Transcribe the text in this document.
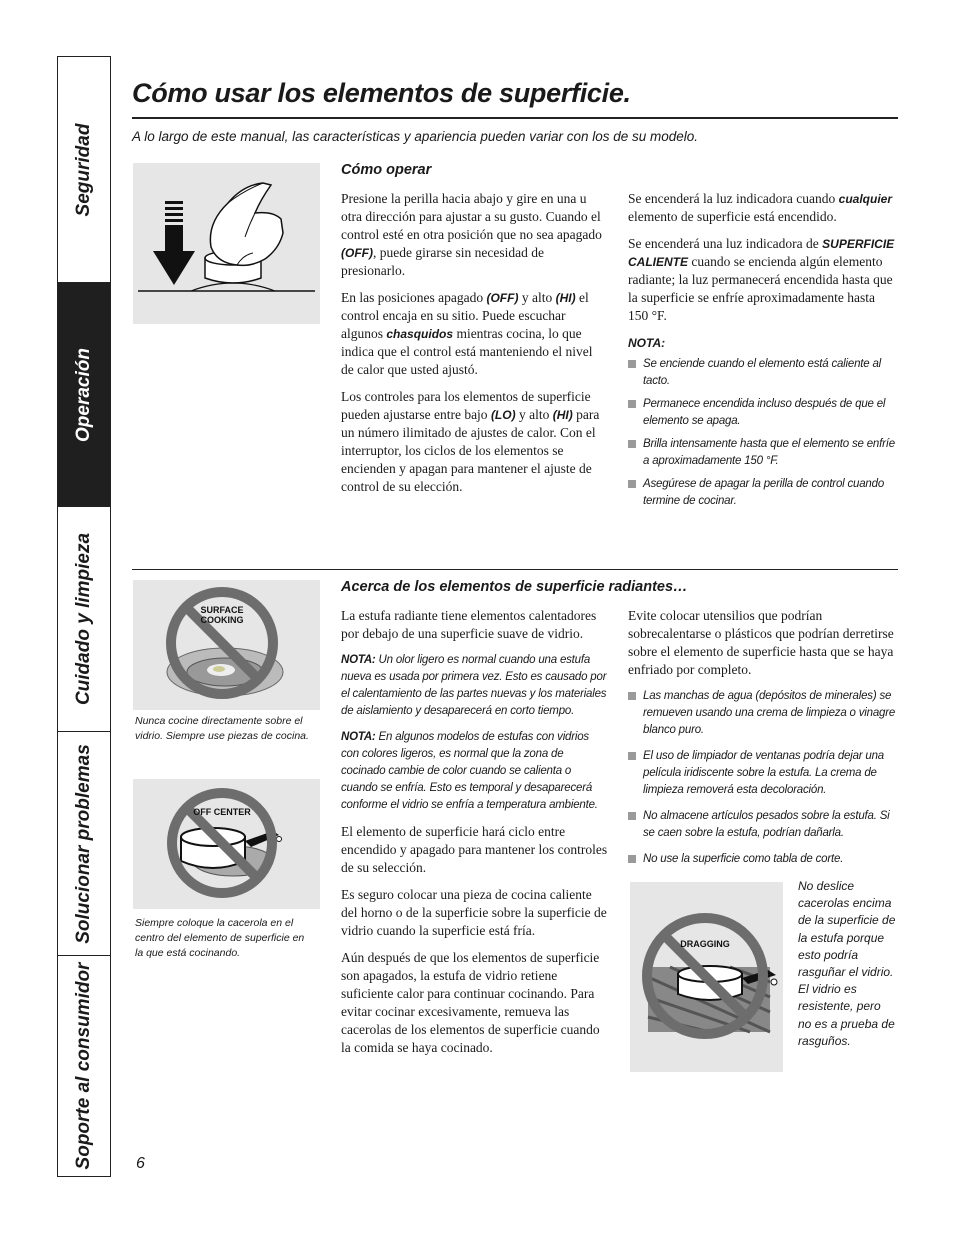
Seguridad
Operación
Cuidado y limpieza
Solucionar problemas
Soporte al consumidor
Cómo usar los elementos de superficie.
A lo largo de este manual, las características y apariencia pueden variar con los de su modelo.
Cómo operar

Presione la perilla hacia abajo y gire en una u otra dirección para ajustar a su gusto. Cuando el control esté en otra posición que no sea apagado (OFF), puede girarse sin necesidad de presionarlo.

En las posiciones apagado (OFF) y alto (HI) el control encaja en su sitio. Puede escuchar algunos chasquidos mientras cocina, lo que indica que el control está manteniendo el nivel de calor que usted ajustó.

Los controles para los elementos de superficie pueden ajustarse entre bajo (LO) y alto (HI) para un número ilimitado de ajustes de calor. Con el interruptor, los ciclos de los elementos se encienden y apagan para mantener el ajuste de control de su elección.

Se encenderá la luz indicadora cuando cualquier elemento de superficie está encendido.

Se encenderá una luz indicadora de SUPERFICIE CALIENTE cuando se encienda algún elemento radiante; la luz permanecerá encendida hasta que la superficie se enfríe aproximadamente hasta 150 °F.

NOTA:
Se enciende cuando el elemento está caliente al tacto.
Permanece encendida incluso después de que el elemento se apaga.
Brilla intensamente hasta que el elemento se enfríe a aproximadamente 150 °F.
Asegúrese de apagar la perilla de control cuando termine de cocinar.
Acerca de los elementos de superficie radiantes…
SURFACE
COOKING
Nunca cocine directamente sobre el vidrio. Siempre use piezas de cocina.
OFF CENTER
Siempre coloque la cacerola en el centro del elemento de superficie en la que está cocinando.

La estufa radiante tiene elementos calentadores por debajo de una superficie suave de vidrio.

NOTA: Un olor ligero es normal cuando una estufa nueva es usada por primera vez. Esto es causado por el calentamiento de las partes nuevas y los materiales de aislamiento y desaparecerá en corto tiempo.

NOTA: En algunos modelos de estufas con vidrios con colores ligeros, es normal que la zona de cocinado cambie de color cuando se calienta o cuando se enfría. Esto es temporal y desaparecerá conforme el vidrio se enfría a temperatura ambiente.

El elemento de superficie hará ciclo entre encendido y apagado para mantener los controles de su selección.

Es seguro colocar una pieza de cocina caliente del horno o de la superficie sobre la superficie de vidrio cuando la superficie está fría.

Aún después de que los elementos de superficie son apagados, la estufa de vidrio retiene suficiente calor para continuar cocinando. Para evitar cocinar excesivamente, remueva las cacerolas de los elementos de superficie cuando la comida se haya cocinado.

Evite colocar utensilios que podrían sobrecalentarse o plásticos que podrían derretirse sobre el elemento de superficie hasta que se haya enfriado por completo.

Las manchas de agua (depósitos de minerales) se remueven usando una crema de limpieza o vinagre blanco puro.
El uso de limpiador de ventanas podría dejar una película iridiscente sobre la estufa. La crema de limpieza removerá esta decoloración.
No almacene artículos pesados sobre la estufa. Si se caen sobre la estufa, podrían dañarla.
No use la superficie como tabla de corte.
DRAGGING
No deslice cacerolas encima de la superficie de la estufa porque esto podría rasguñar el vidrio. El vidrio es resistente, pero no es a prueba de rasguños.
6
